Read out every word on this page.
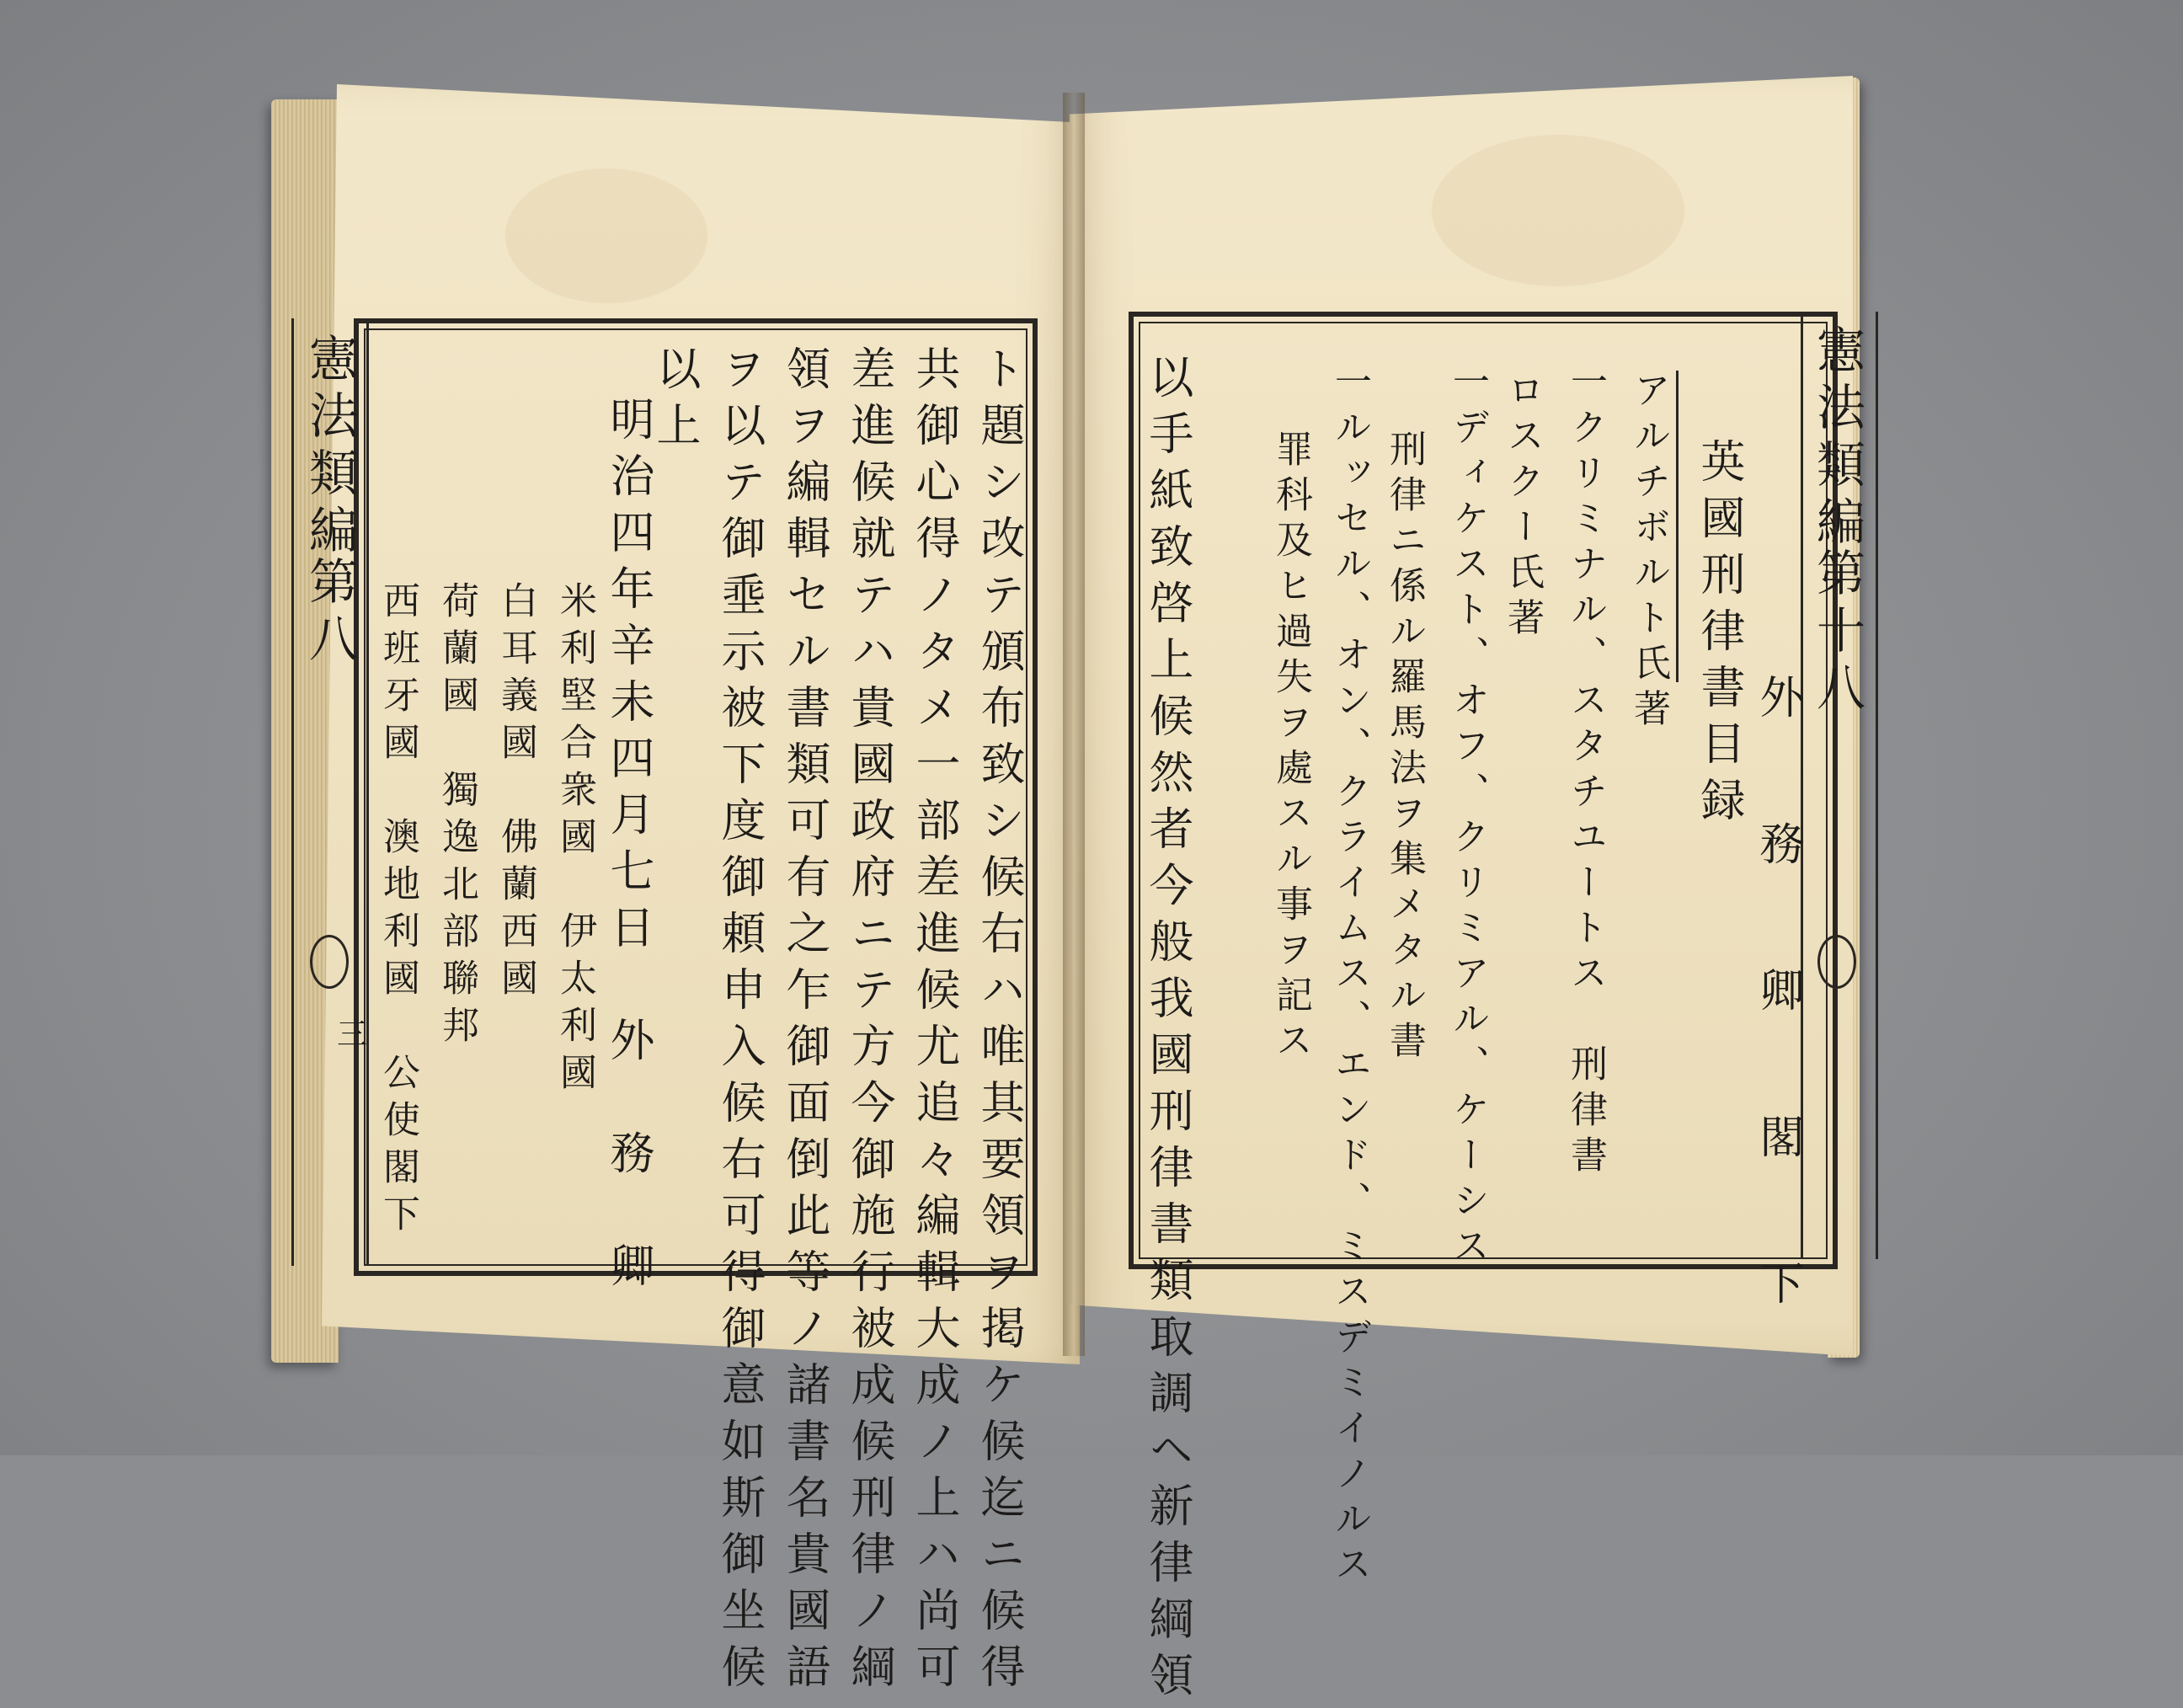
憲法類編
第八
三	ト題シ改テ頒布致シ候右ハ唯其要領ヲ掲ケ候迄ニ候得
共御心得ノタメ一部差進候尤追々編輯大成ノ上ハ尚可
差進候就テハ貴國政府ニテ方今御施行被成候刑律ノ綱
領ヲ編輯セル書類可有之乍御面倒此等ノ諸書名貴國語
ヲ以テ御埀示被下度御頼申入候右可得御意如斯御坐候
以上
明治四年辛未四月七日　外　務　卿
米利堅合衆國　伊太利國
白耳義國　佛蘭西國
荷蘭國　獨逸北部聯邦
西班牙國　澳地利國　公使閣下
憲法類編
第十八
外　務　卿　閣　下
英國刑律書目録
アルチボルト氏著
一クリミナル、スタチユートス　刑律書
ロスクー氏著
一ディケスト、オフ、クリミアル、ケーシス
刑律ニ係ル羅馬法ヲ集メタル書
一ルッセル、オン、クライムス、エンド、ミスデミイノルス
罪科及ヒ過失ヲ處スル事ヲ記ス
以手紙致啓上候然者今般我國刑律書類取調ヘ新律綱領
